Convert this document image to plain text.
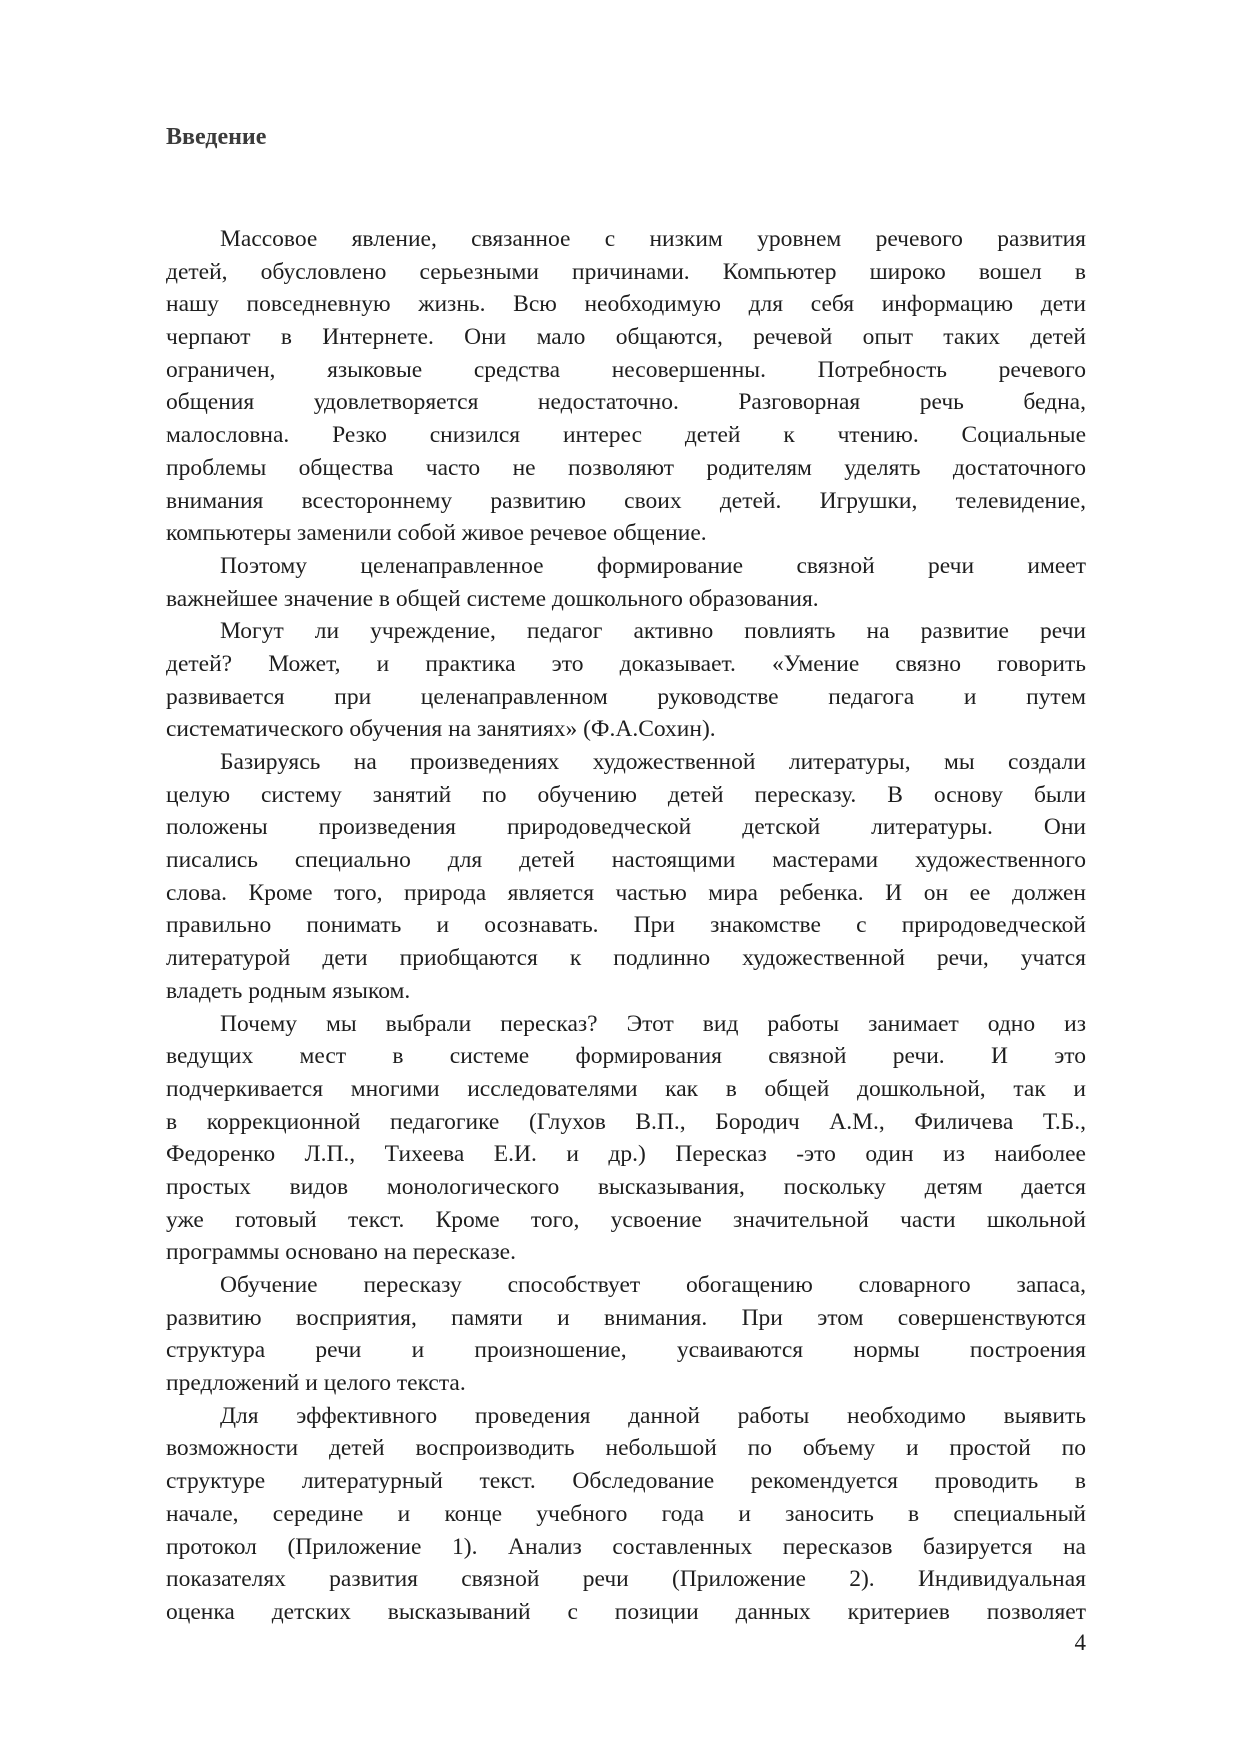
Введение
Массовое явление, связанное с низким уровнем речевого развития
детей, обусловлено серьезными причинами. Компьютер широко вошел в
нашу повседневную жизнь. Всю необходимую для себя информацию дети
черпают в Интернете. Они мало общаются, речевой опыт таких детей
ограничен, языковые средства несовершенны. Потребность речевого
общения удовлетворяется недостаточно. Разговорная речь бедна,
малословна. Резко снизился интерес детей к чтению. Социальные
проблемы общества часто не позволяют родителям уделять достаточного
внимания всестороннему развитию своих детей. Игрушки, телевидение,
компьютеры заменили собой живое речевое общение.
Поэтому целенаправленное формирование связной речи имеет
важнейшее значение в общей системе дошкольного образования.
Могут ли учреждение, педагог активно повлиять на развитие речи
детей? Может, и практика это доказывает. «Умение связно говорить
развивается при целенаправленном руководстве педагога и путем
систематического обучения на занятиях» (Ф.А.Сохин).
Базируясь на произведениях художественной литературы, мы создали
целую систему занятий по обучению детей пересказу. В основу были
положены произведения природоведческой детской литературы. Они
писались специально для детей настоящими мастерами художественного
слова. Кроме того, природа является частью мира ребенка. И он ее должен
правильно понимать и осознавать. При знакомстве с природоведческой
литературой дети приобщаются к подлинно художественной речи, учатся
владеть родным языком.
Почему мы выбрали пересказ? Этот вид работы занимает одно из
ведущих мест в системе формирования связной речи. И это
подчеркивается многими исследователями как в общей дошкольной, так и
в коррекционной педагогике (Глухов В.П., Бородич А.М., Филичева Т.Б.,
Федоренко Л.П., Тихеева Е.И. и др.) Пересказ -это один из наиболее
простых видов монологического высказывания, поскольку детям дается
уже готовый текст. Кроме того, усвоение значительной части школьной
программы основано на пересказе.
Обучение пересказу способствует обогащению словарного запаса,
развитию восприятия, памяти и внимания. При этом совершенствуются
структура речи и произношение, усваиваются нормы построения
предложений и целого текста.
Для эффективного проведения данной работы необходимо выявить
возможности детей воспроизводить небольшой по объему и простой по
структуре литературный текст. Обследование рекомендуется проводить в
начале, середине и конце учебного года и заносить в специальный
протокол (Приложение 1). Анализ составленных пересказов базируется на
показателях развития связной речи (Приложение 2). Индивидуальная
оценка детских высказываний с позиции данных критериев позволяет
4
